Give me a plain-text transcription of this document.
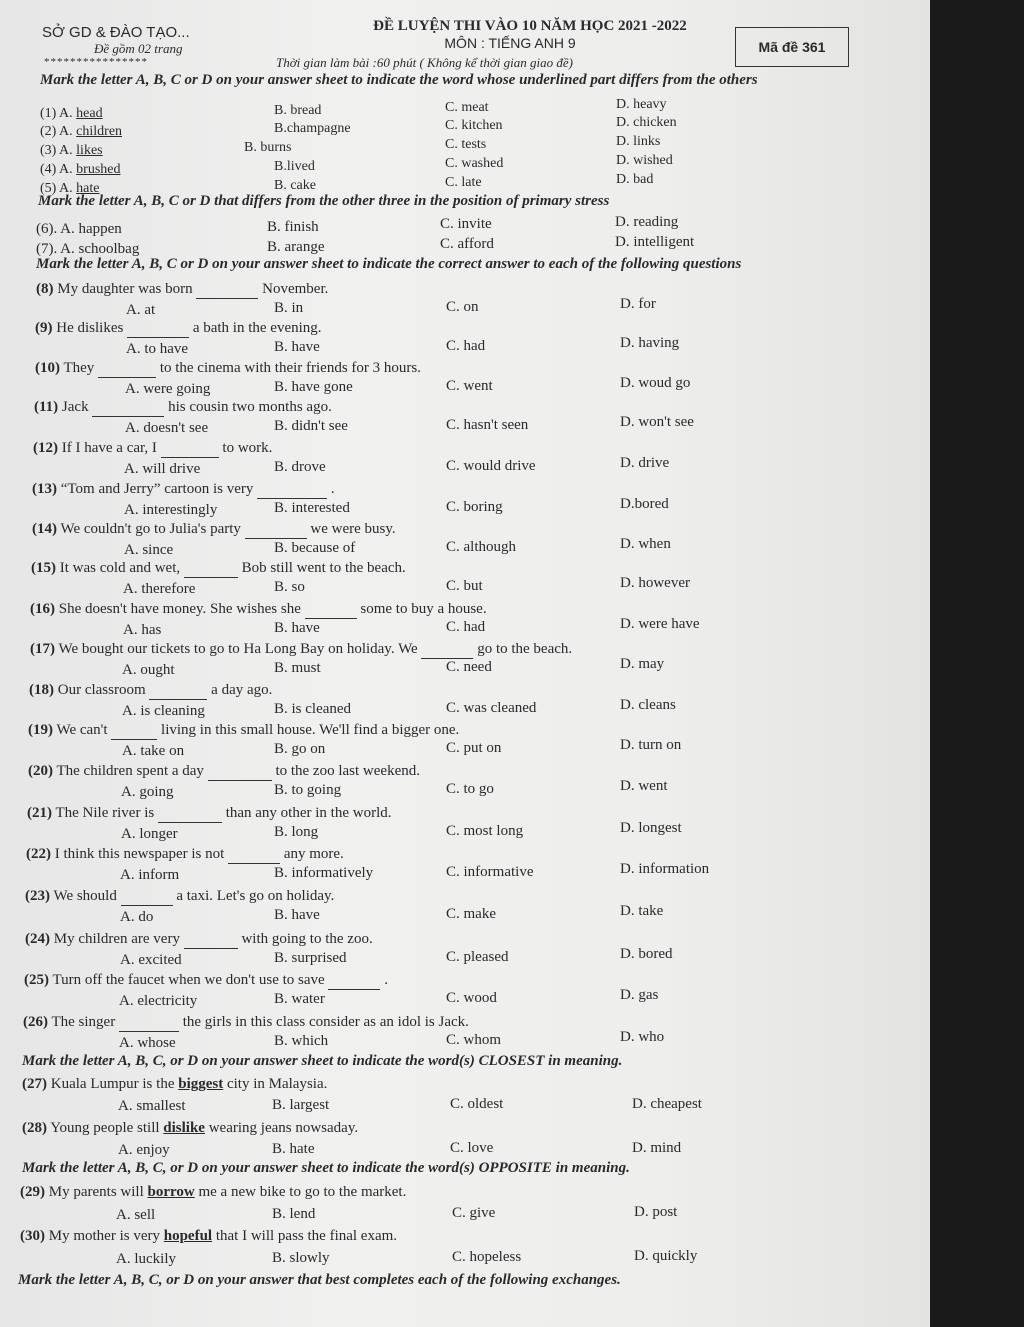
SỞ GD & ĐÀO TẠO...
Đề gồm 02 trang
****************
ĐỀ LUYỆN THI VÀO 10 NĂM HỌC 2021 -2022
MÔN : TIẾNG ANH 9
Thời gian làm bài :60 phút ( Không kể thời gian giao đề)
Mã đề 361
Mark the letter A, B, C or D on your answer sheet to indicate the word whose underlined part differs from the others
(1) A. head	B. bread	C. meat	D. heavy
(2) A. children	B.champagne	C. kitchen	D. chicken
(3) A. likes	B. burns	C. tests	D. links
(4) A. brushed	B.lived	C. washed	D. wished
(5) A. hate	B. cake	C. late	D. bad
Mark the letter A, B, C or D that differs from the other three in the position of primary stress
(6). A. happen	B. finish	C. invite	D. reading
(7). A. schoolbag	B. arange	C. afford	D. intelligent
Mark the letter A, B, C or D on your answer sheet to indicate the correct answer to each of the following questions
(8) My daughter was born	November.
A. at	B. in	C. on	D. for
(9) He dislikes	a bath in the evening.
A. to have	B. have	C. had	D. having
(10) They	to the cinema with their friends for 3 hours.
A. were going	B. have gone	C. went	D. woud go
(11) Jack	his cousin two months ago.
A. doesn't see	B. didn't see	C. hasn't seen	D. won't see
(12) If I have a car, I	to work.
A. will drive	B. drove	C. would drive	D. drive
(13) “Tom and Jerry” cartoon is very	.
A. interestingly	B. interested	C. boring	D.bored
(14) We couldn't go to Julia's party	we were busy.
A. since	B. because of	C. although	D. when
(15) It was cold and wet,	Bob still went to the beach.
A. therefore	B. so	C. but	D. however
(16) She doesn't have money. She wishes she	some to buy a house.
A. has	B. have	C. had	D. were have
(17) We bought our tickets to go to Ha Long Bay on holiday. We	go to the beach.
A. ought	B. must	C. need	D. may
(18) Our classroom	a day ago.
A. is cleaning	B. is cleaned	C. was cleaned	D. cleans
(19) We can't	living in this small house. We'll find a bigger one.
A. take on	B. go on	C. put on	D. turn on
(20) The children spent a day	to the zoo last weekend.
A. going	B. to going	C. to go	D. went
(21) The Nile river is	than any other in the world.
A. longer	B. long	C. most long	D. longest
(22) I think this newspaper is not	any more.
A. inform	B. informatively	C. informative	D. information
(23) We should	a taxi. Let's go on holiday.
A. do	B. have	C. make	D. take
(24) My children are very	with going to the zoo.
A. excited	B. surprised	C. pleased	D. bored
(25) Turn off the faucet when we don't use to save	.
A. electricity	B. water	C. wood	D. gas
(26) The singer	the girls in this class consider as an idol is Jack.
A. whose	B. which	C. whom	D. who
Mark the letter A, B, C, or D on your answer sheet to indicate the word(s) CLOSEST in meaning.
(27) Kuala Lumpur is the biggest city in Malaysia.
A. smallest	B. largest	C. oldest	D. cheapest
(28) Young people still dislike wearing jeans nowsaday.
A. enjoy	B. hate	C. love	D. mind
Mark the letter A, B, C, or D on your answer sheet to indicate the word(s) OPPOSITE in meaning.
(29) My parents will borrow me a new bike to go to the market.
A. sell	B. lend	C. give	D. post
(30) My mother is very hopeful that I will pass the final exam.
A. luckily	B. slowly	C. hopeless	D. quickly
Mark the letter A, B, C, or D on your answer that best completes each of the following exchanges.
